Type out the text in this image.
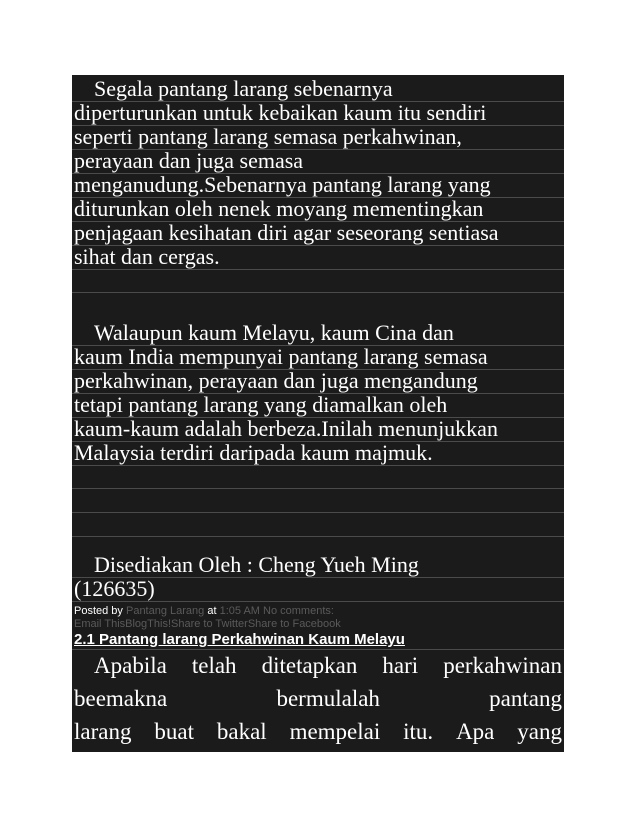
Segala pantang larang sebenarnya
diperturunkan untuk kebaikan kaum itu sendiri
seperti pantang larang semasa perkahwinan,
perayaan dan juga semasa
menganudung.Sebenarnya pantang larang yang
diturunkan oleh nenek moyang mementingkan
penjagaan kesihatan diri agar seseorang sentiasa
sihat dan cergas.
Walaupun kaum Melayu, kaum Cina dan
kaum India mempunyai pantang larang semasa
perkahwinan, perayaan dan juga mengandung
tetapi pantang larang yang diamalkan oleh
kaum-kaum adalah berbeza.Inilah menunjukkan
Malaysia terdiri daripada kaum majmuk.
Disediakan Oleh : Cheng Yueh Ming
(126635)
Posted by Pantang Larang at 1:05 AM No comments:
Email ThisBlogThis!Share to TwitterShare to Facebook
2.1 Pantang larang Perkahwinan Kaum Melayu
Apabila telah ditetapkan hari perkahwinan
beemakna	bermulalah	pantang
larang buat bakal mempelai itu. Apa yang
